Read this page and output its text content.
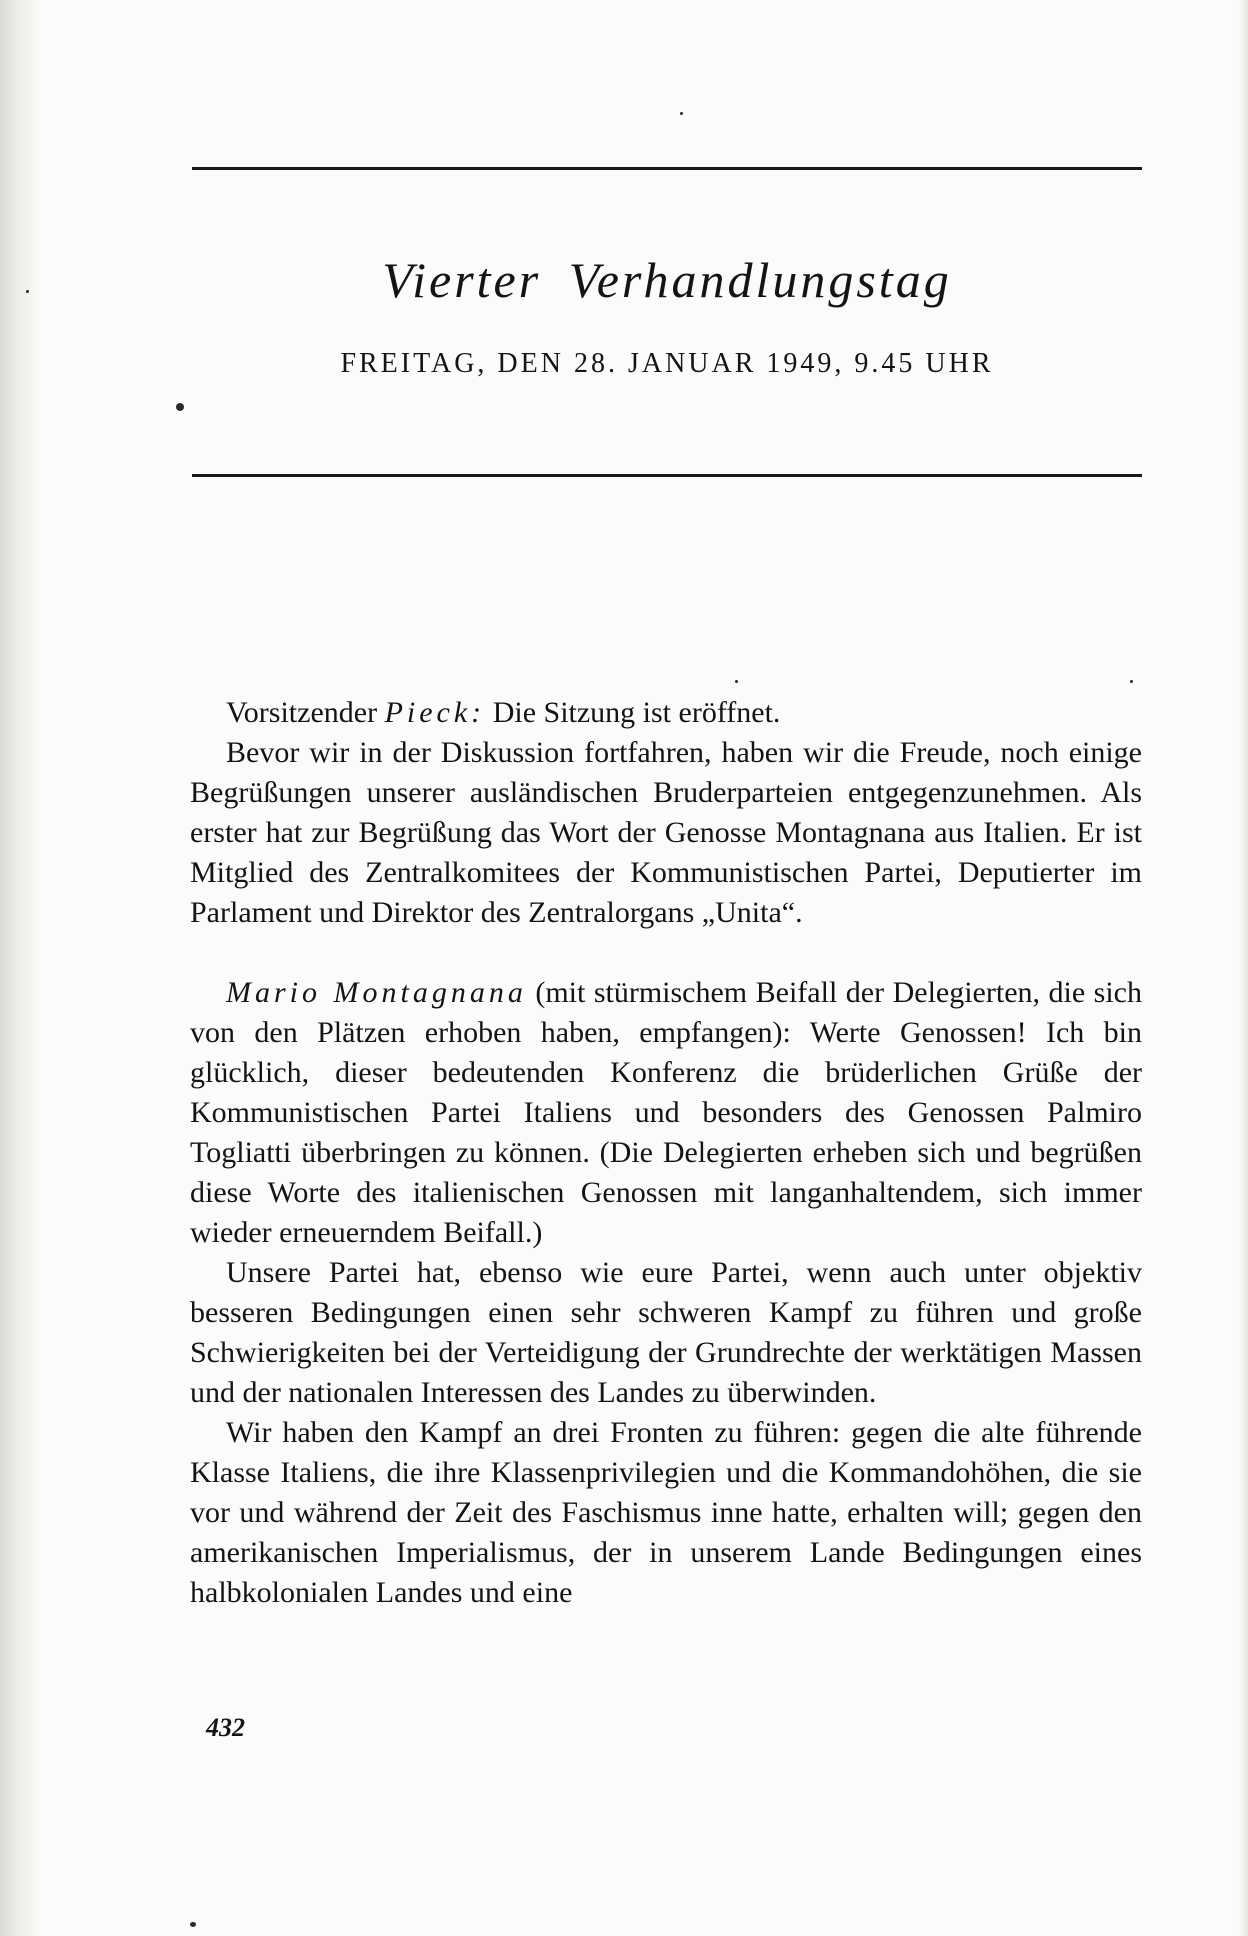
Vierter Verhandlungstag
FREITAG, DEN 28. JANUAR 1949, 9.45 UHR

Vorsitzender Pieck: Die Sitzung ist eröffnet.

Bevor wir in der Diskussion fortfahren, haben wir die Freude, noch einige Begrüßungen unserer ausländischen Bruderparteien entgegenzunehmen. Als erster hat zur Begrüßung das Wort der Genosse Montagnana aus Italien. Er ist Mitglied des Zentralkomitees der Kommunistischen Partei, Deputierter im Parlament und Direktor des Zentralorgans „Unita“.

Mario Montagnana (mit stürmischem Beifall der Delegierten, die sich von den Plätzen erhoben haben, empfangen): Werte Genossen! Ich bin glücklich, dieser bedeutenden Konferenz die brüderlichen Grüße der Kommunistischen Partei Italiens und besonders des Genossen Palmiro Togliatti überbringen zu können. (Die Delegierten erheben sich und begrüßen diese Worte des italienischen Genossen mit langanhaltendem, sich immer wieder erneuerndem Beifall.)

Unsere Partei hat, ebenso wie eure Partei, wenn auch unter objektiv besseren Bedingungen einen sehr schweren Kampf zu führen und große Schwierigkeiten bei der Verteidigung der Grundrechte der werktätigen Massen und der nationalen Interessen des Landes zu überwinden.

Wir haben den Kampf an drei Fronten zu führen: gegen die alte führende Klasse Italiens, die ihre Klassenprivilegien und die Kommandohöhen, die sie vor und während der Zeit des Faschismus inne hatte, erhalten will; gegen den amerikanischen Imperialismus, der in unserem Lande Bedingungen eines halbkolonialen Landes und eine

432
